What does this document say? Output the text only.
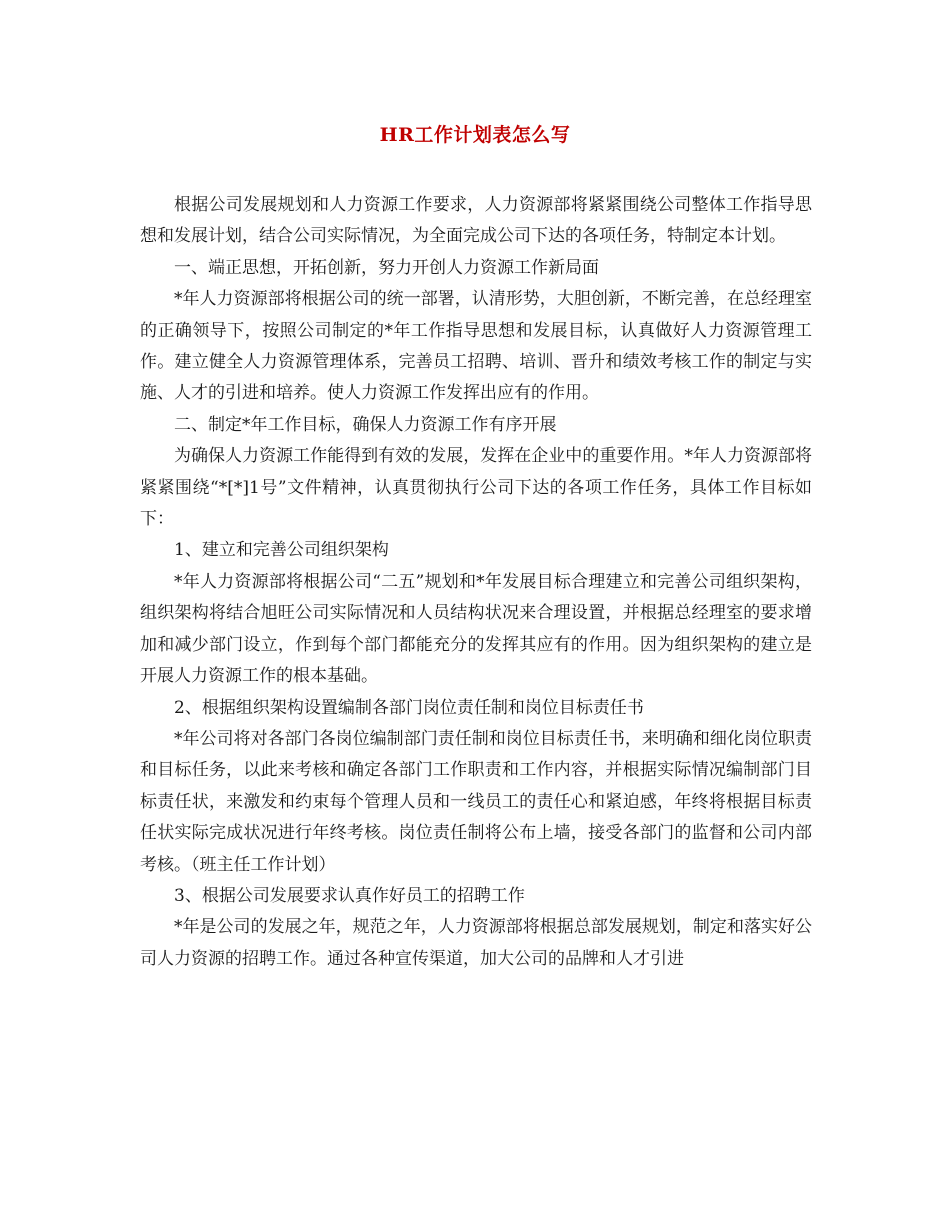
HR工作计划表怎么写

根据公司发展规划和人力资源工作要求，人力资源部将紧紧围绕公司整体工作指导思想和发展计划，结合公司实际情况，为全面完成公司下达的各项任务，特制定本计划。

一、端正思想，开拓创新，努力开创人力资源工作新局面

*年人力资源部将根据公司的统一部署，认清形势，大胆创新，不断完善，在总经理室的正确领导下，按照公司制定的*年工作指导思想和发展目标，认真做好人力资源管理工作。建立健全人力资源管理体系，完善员工招聘、培训、晋升和绩效考核工作的制定与实施、人才的引进和培养。使人力资源工作发挥出应有的作用。

二、制定*年工作目标，确保人力资源工作有序开展

为确保人力资源工作能得到有效的发展，发挥在企业中的重要作用。*年人力资源部将紧紧围绕“*[*]1号”文件精神，认真贯彻执行公司下达的各项工作任务，具体工作目标如下：

1、建立和完善公司组织架构

*年人力资源部将根据公司“二五”规划和*年发展目标合理建立和完善公司组织架构，组织架构将结合旭旺公司实际情况和人员结构状况来合理设置，并根据总经理室的要求增加和减少部门设立，作到每个部门都能充分的发挥其应有的作用。因为组织架构的建立是开展人力资源工作的根本基础。

2、根据组织架构设置编制各部门岗位责任制和岗位目标责任书

*年公司将对各部门各岗位编制部门责任制和岗位目标责任书，来明确和细化岗位职责和目标任务，以此来考核和确定各部门工作职责和工作内容，并根据实际情况编制部门目标责任状，来激发和约束每个管理人员和一线员工的责任心和紧迫感，年终将根据目标责任状实际完成状况进行年终考核。岗位责任制将公布上墙，接受各部门的监督和公司内部考核。（班主任工作计划）

3、根据公司发展要求认真作好员工的招聘工作

*年是公司的发展之年，规范之年，人力资源部将根据总部发展规划，制定和落实好公司人力资源的招聘工作。通过各种宣传渠道，加大公司的品牌和人才引进
